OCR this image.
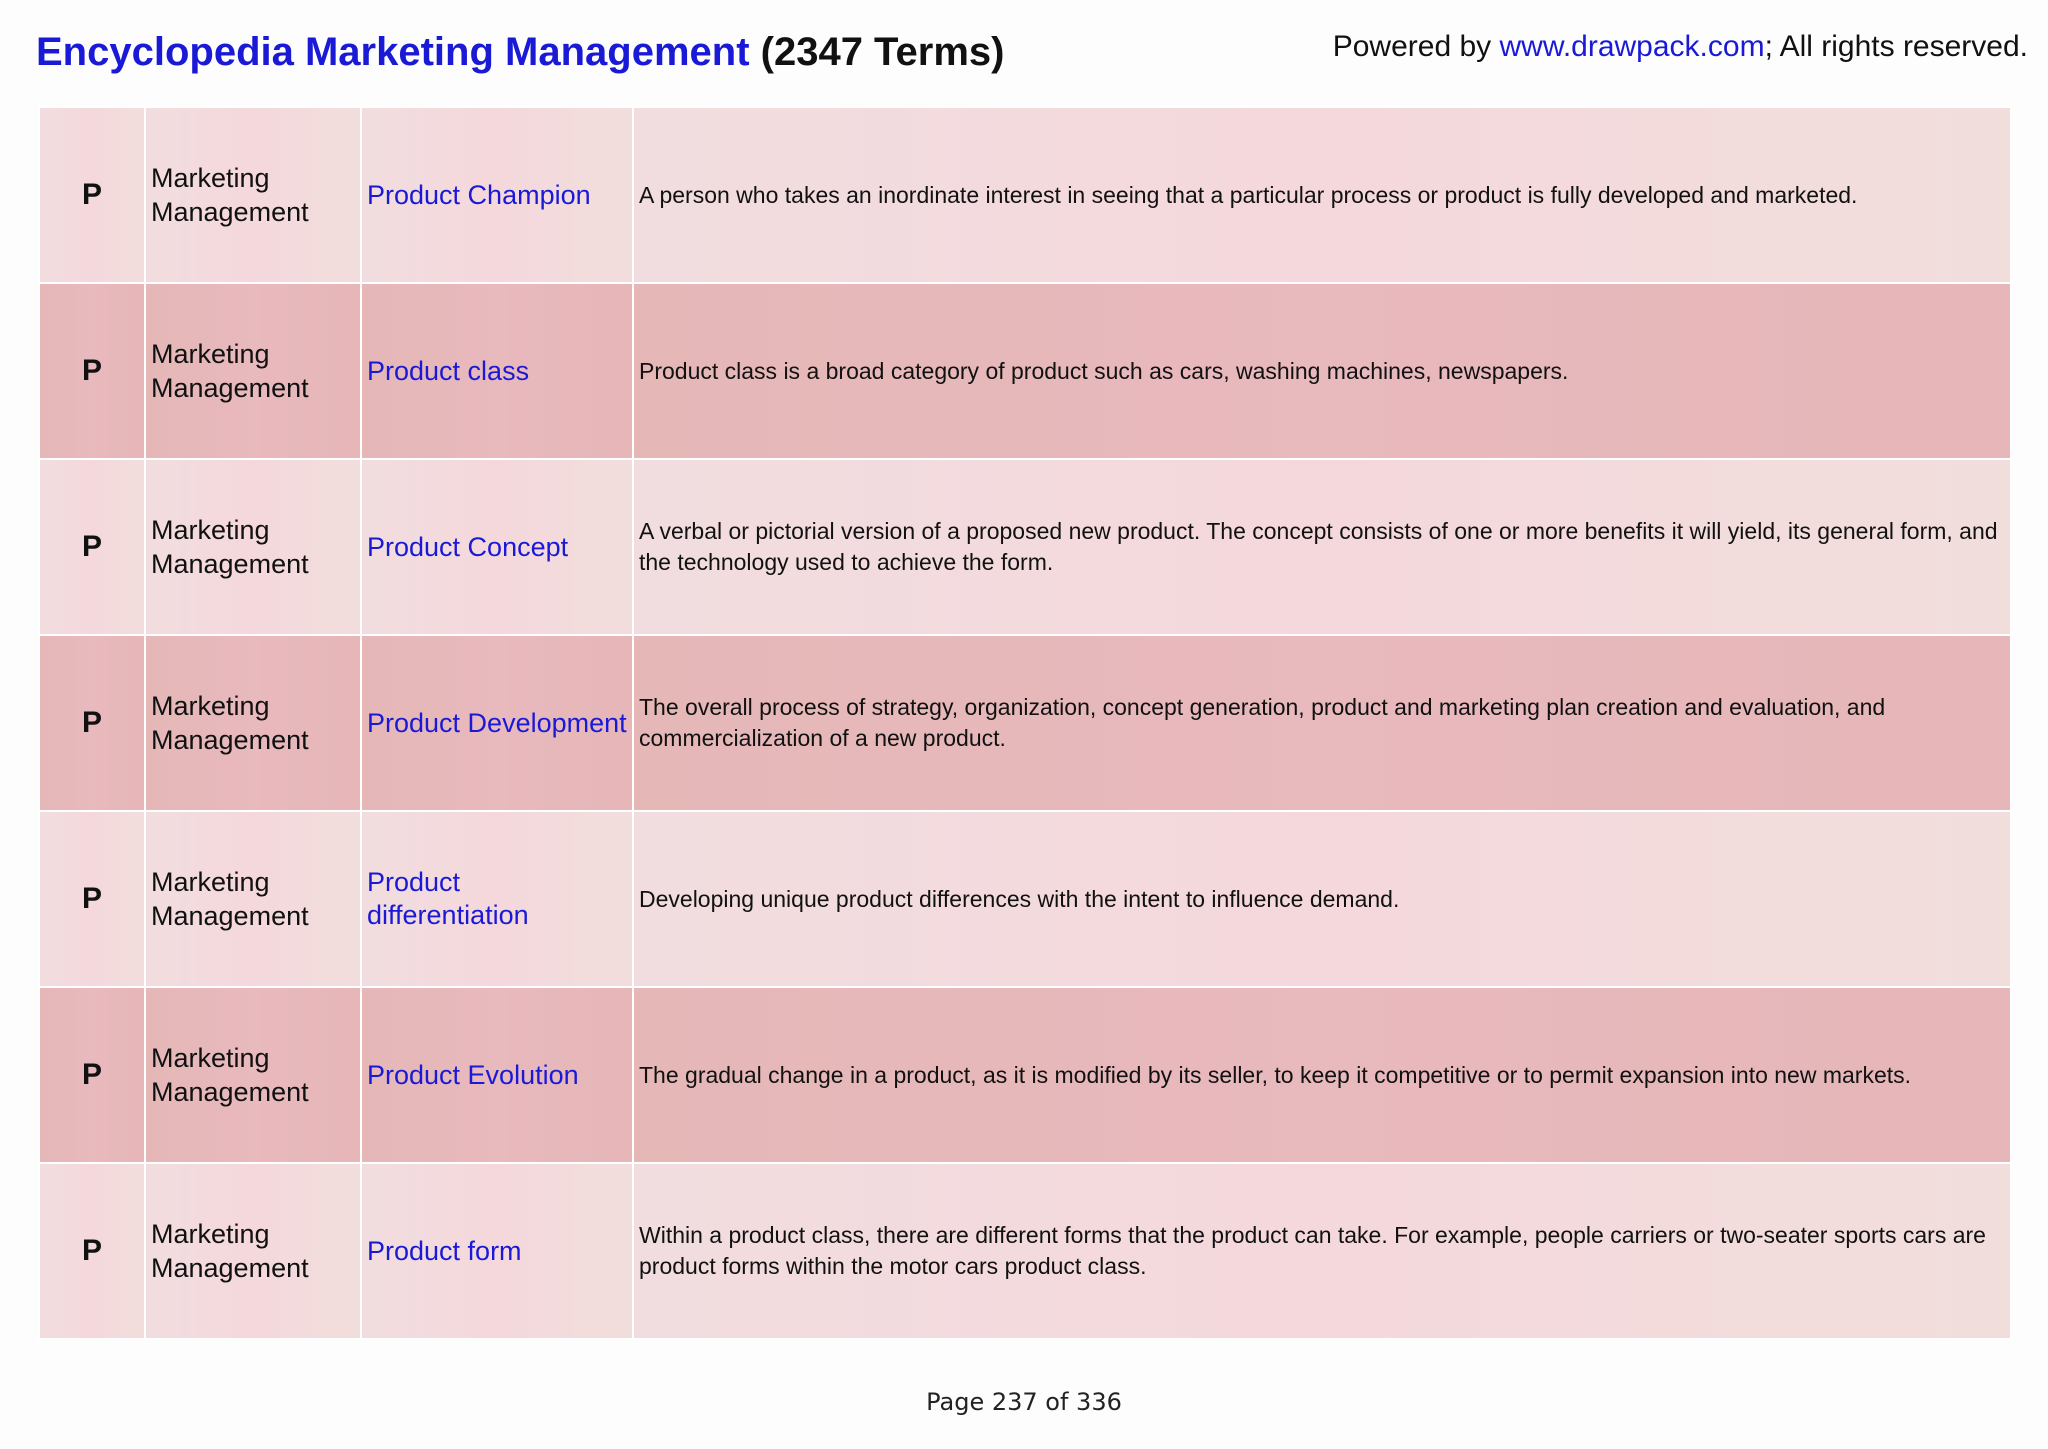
Encyclopedia Marketing Management (2347 Terms)	Powered by www.drawpack.com; All rights reserved.
P	Marketing Management	Product Champion	A person who takes an inordinate interest in seeing that a particular process or product is fully developed and marketed.
P	Marketing Management	Product class	Product class is a broad category of product such as cars, washing machines, newspapers.
P	Marketing Management	Product Concept	A verbal or pictorial version of a proposed new product. The concept consists of one or more benefits it will yield, its general form, and the technology used to achieve the form.
P	Marketing Management	Product Development	The overall process of strategy, organization, concept generation, product and marketing plan creation and evaluation, and commercialization of a new product.
P	Marketing Management	Product differentiation	Developing unique product differences with the intent to influence demand.
P	Marketing Management	Product Evolution	The gradual change in a product, as it is modified by its seller, to keep it competitive or to permit expansion into new markets.
P	Marketing Management	Product form	Within a product class, there are different forms that the product can take. For example, people carriers or two-seater sports cars are product forms within the motor cars product class.
Page 237 of 336
